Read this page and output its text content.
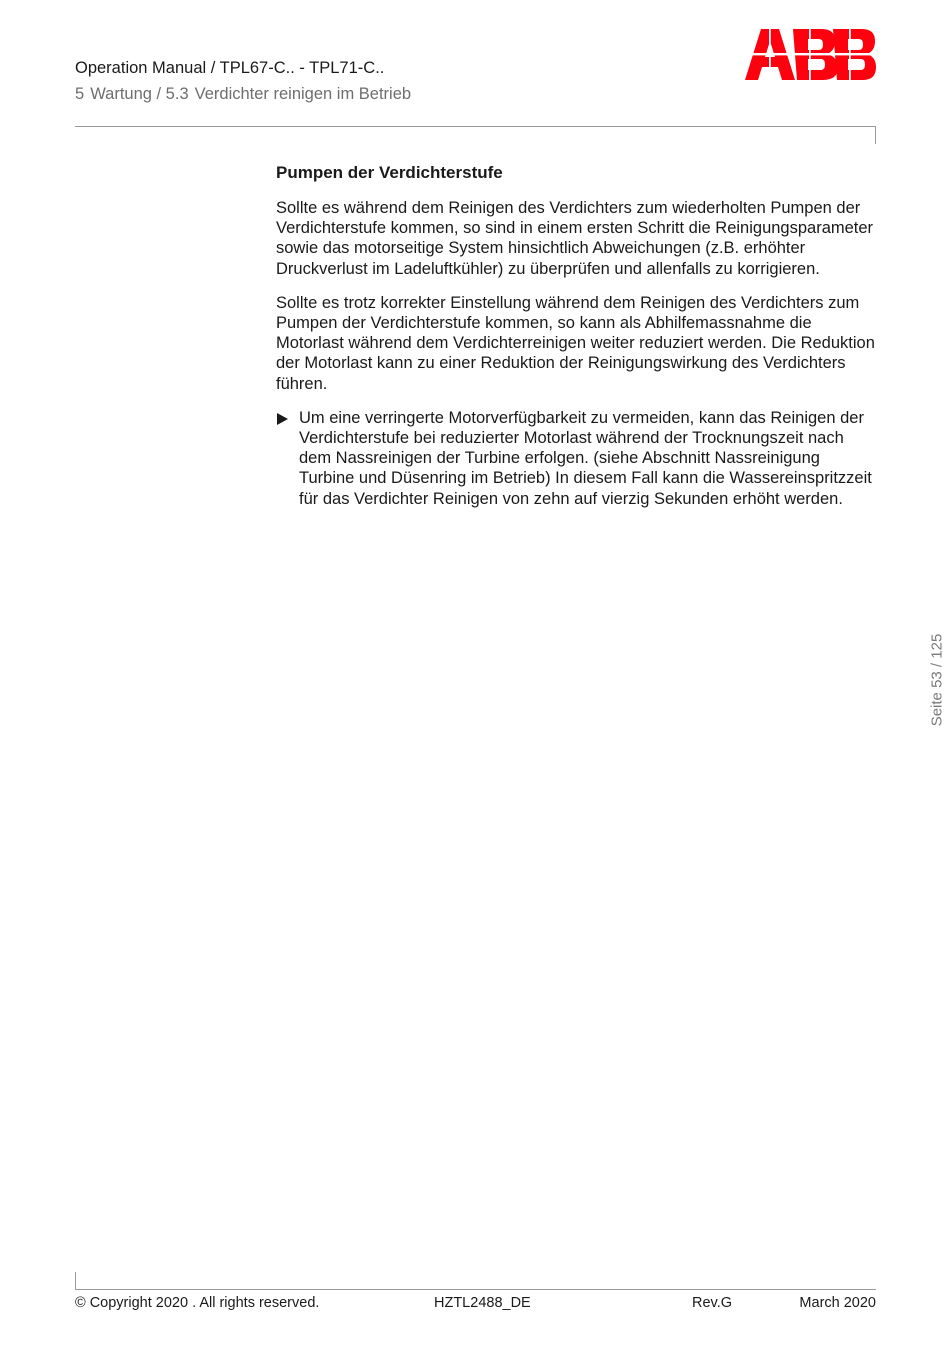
Operation Manual / TPL67-C.. - TPL71-C..
5 Wartung / 5.3 Verdichter reinigen im Betrieb
ABB
Pumpen der Verdichterstufe

Sollte es während dem Reinigen des Verdichters zum wiederholten Pumpen der Verdichterstufe kommen, so sind in einem ersten Schritt die Reinigungsparameter sowie das motorseitige System hinsichtlich Abweichungen (z.B. erhöhter Druckverlust im Ladeluftkühler) zu überprüfen und allenfalls zu korrigieren.

Sollte es trotz korrekter Einstellung während dem Reinigen des Verdichters zum Pumpen der Verdichterstufe kommen, so kann als Abhilfemassnahme die Motorlast während dem Verdichterreinigen weiter reduziert werden. Die Reduktion der Motorlast kann zu einer Reduktion der Reinigungswirkung des Verdichters führen.

Um eine verringerte Motorverfügbarkeit zu vermeiden, kann das Reinigen der Verdichterstufe bei reduzierter Motorlast während der Trocknungszeit nach dem Nassreinigen der Turbine erfolgen. (siehe Abschnitt Nassreinigung Turbine und Düsenring im Betrieb) In diesem Fall kann die Wassereinspritzzeit für das Verdichter Reinigen von zehn auf vierzig Sekunden erhöht werden.
Seite 53 / 125
© Copyright 2020 . All rights reserved.	HZTL2488_DE	Rev.G	March 2020
